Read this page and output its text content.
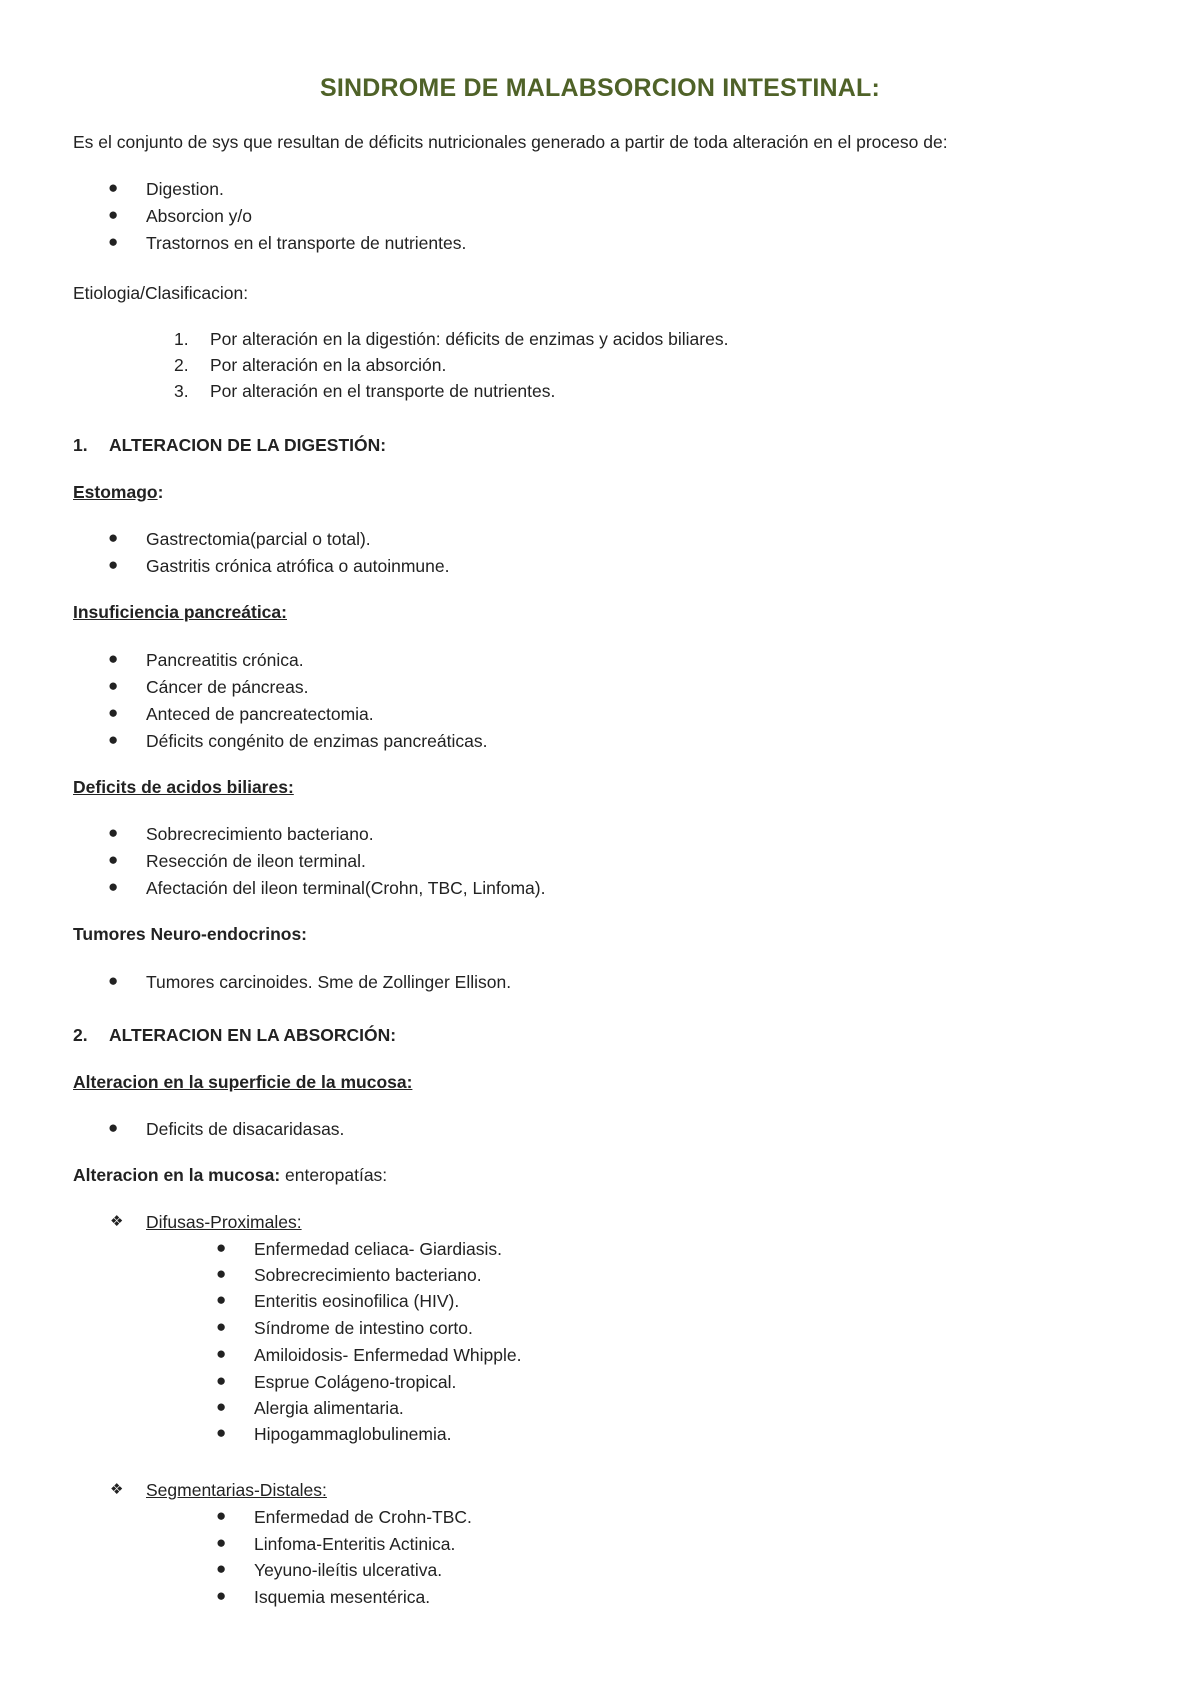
SINDROME DE MALABSORCION INTESTINAL:
Es el conjunto de sys que resultan de déficits nutricionales generado a partir de toda alteración en el proceso de:
● Digestion.
● Absorcion y/o
● Trastornos en el transporte de nutrientes.
Etiologia/Clasificacion:
1. Por alteración en la digestión: déficits de enzimas y acidos biliares.
2. Por alteración en la absorción.
3. Por alteración en el transporte de nutrientes.
1. ALTERACION DE LA DIGESTIÓN:
Estomago:
● Gastrectomia(parcial o total).
● Gastritis crónica atrófica o autoinmune.
Insuficiencia pancreática:
● Pancreatitis crónica.
● Cáncer de páncreas.
● Anteced de pancreatectomia.
● Déficits congénito de enzimas pancreáticas.
Deficits de acidos biliares:
● Sobrecrecimiento bacteriano.
● Resección de ileon terminal.
● Afectación del ileon terminal(Crohn, TBC, Linfoma).
Tumores Neuro-endocrinos:
● Tumores carcinoides. Sme de Zollinger Ellison.
2. ALTERACION EN LA ABSORCIÓN:
Alteracion en la superficie de la mucosa:
● Deficits de disacaridasas.
Alteracion en la mucosa: enteropatías:
❖ Difusas-Proximales:
● Enfermedad celiaca- Giardiasis.
● Sobrecrecimiento bacteriano.
● Enteritis eosinofilica (HIV).
● Síndrome de intestino corto.
● Amiloidosis- Enfermedad Whipple.
● Esprue Colágeno-tropical.
● Alergia alimentaria.
● Hipogammaglobulinemia.
❖ Segmentarias-Distales:
● Enfermedad de Crohn-TBC.
● Linfoma-Enteritis Actinica.
● Yeyuno-ileítis ulcerativa.
● Isquemia mesentérica.
